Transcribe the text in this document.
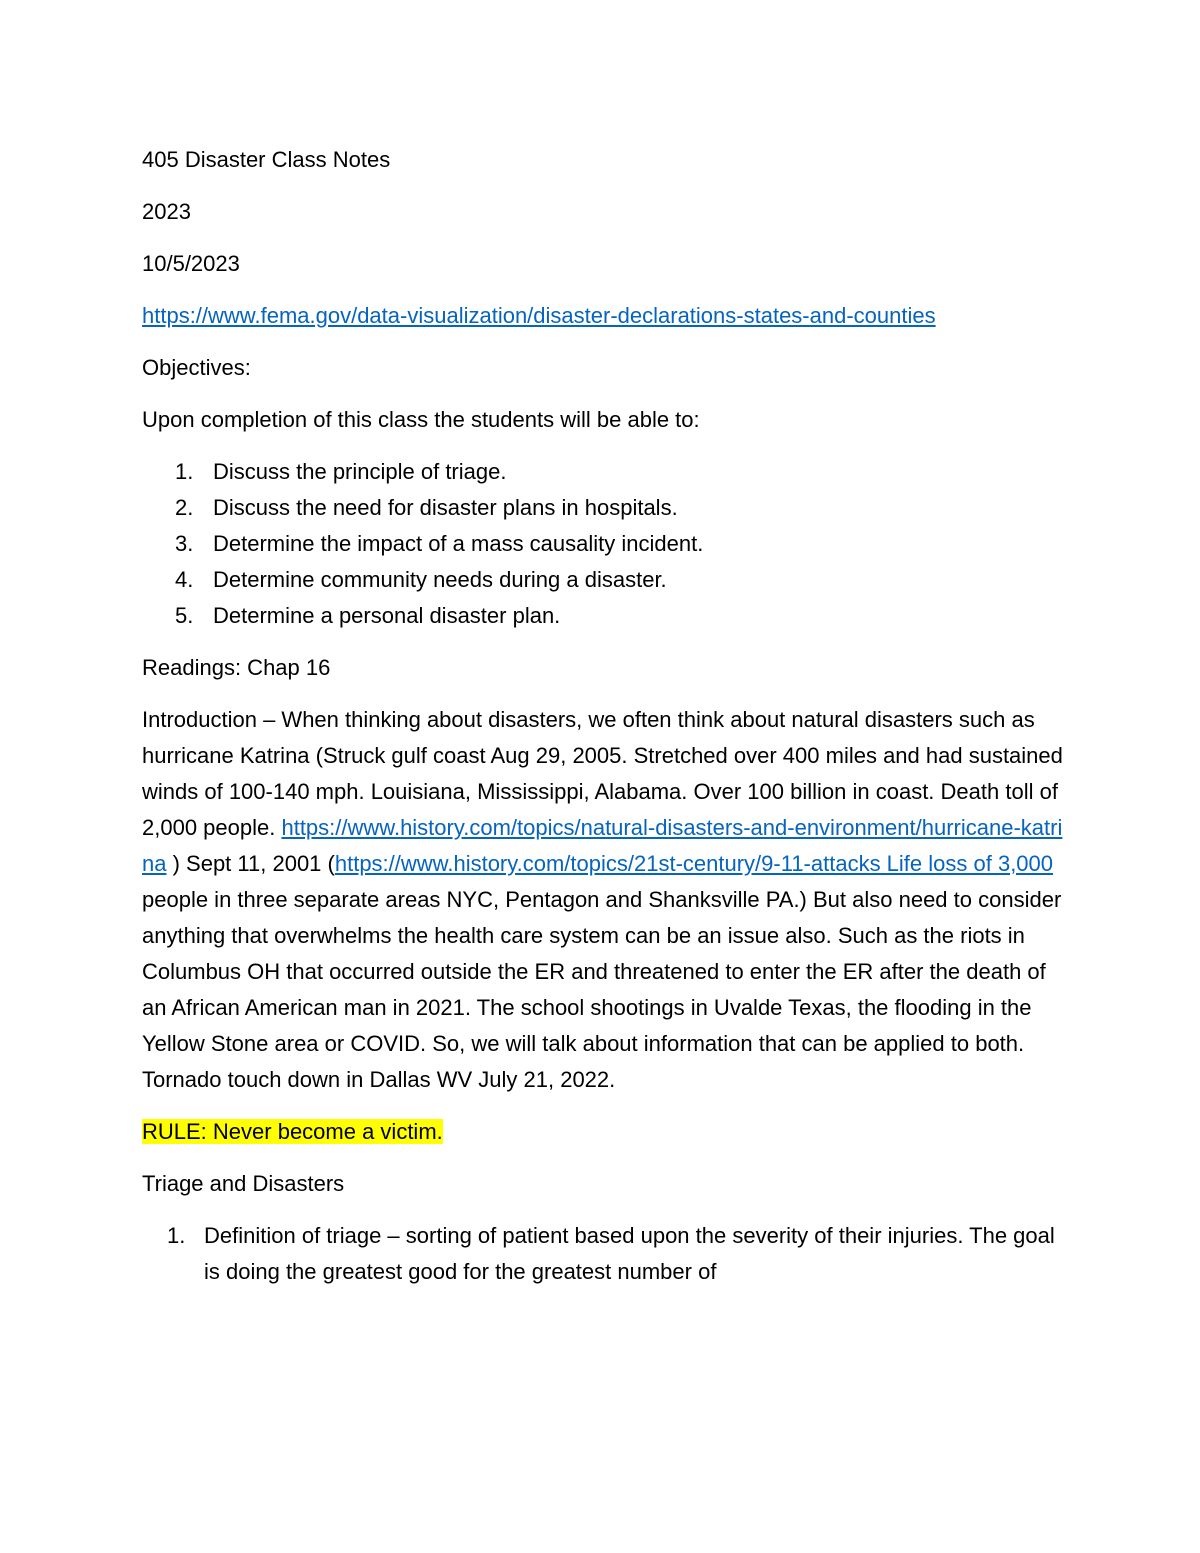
405 Disaster Class Notes
2023
10/5/2023
https://www.fema.gov/data-visualization/disaster-declarations-states-and-counties
Objectives:
Upon completion of this class the students will be able to:
1. Discuss the principle of triage.
2. Discuss the need for disaster plans in hospitals.
3. Determine the impact of a mass causality incident.
4. Determine community needs during a disaster.
5. Determine a personal disaster plan.
Readings: Chap 16
Introduction – When thinking about disasters, we often think about natural disasters such as hurricane Katrina (Struck gulf coast Aug 29, 2005. Stretched over 400 miles and had sustained winds of 100-140 mph. Louisiana, Mississippi, Alabama. Over 100 billion in coast. Death toll of 2,000 people. https://www.history.com/topics/natural-disasters-and-environment/hurricane-katrina ) Sept 11, 2001 (https://www.history.com/topics/21st-century/9-11-attacks Life loss of 3,000 people in three separate areas NYC, Pentagon and Shanksville PA.) But also need to consider anything that overwhelms the health care system can be an issue also. Such as the riots in Columbus OH that occurred outside the ER and threatened to enter the ER after the death of an African American man in 2021. The school shootings in Uvalde Texas, the flooding in the Yellow Stone area or COVID. So, we will talk about information that can be applied to both. Tornado touch down in Dallas WV July 21, 2022.
RULE: Never become a victim.
Triage and Disasters
1. Definition of triage – sorting of patient based upon the severity of their injuries. The goal is doing the greatest good for the greatest number of
